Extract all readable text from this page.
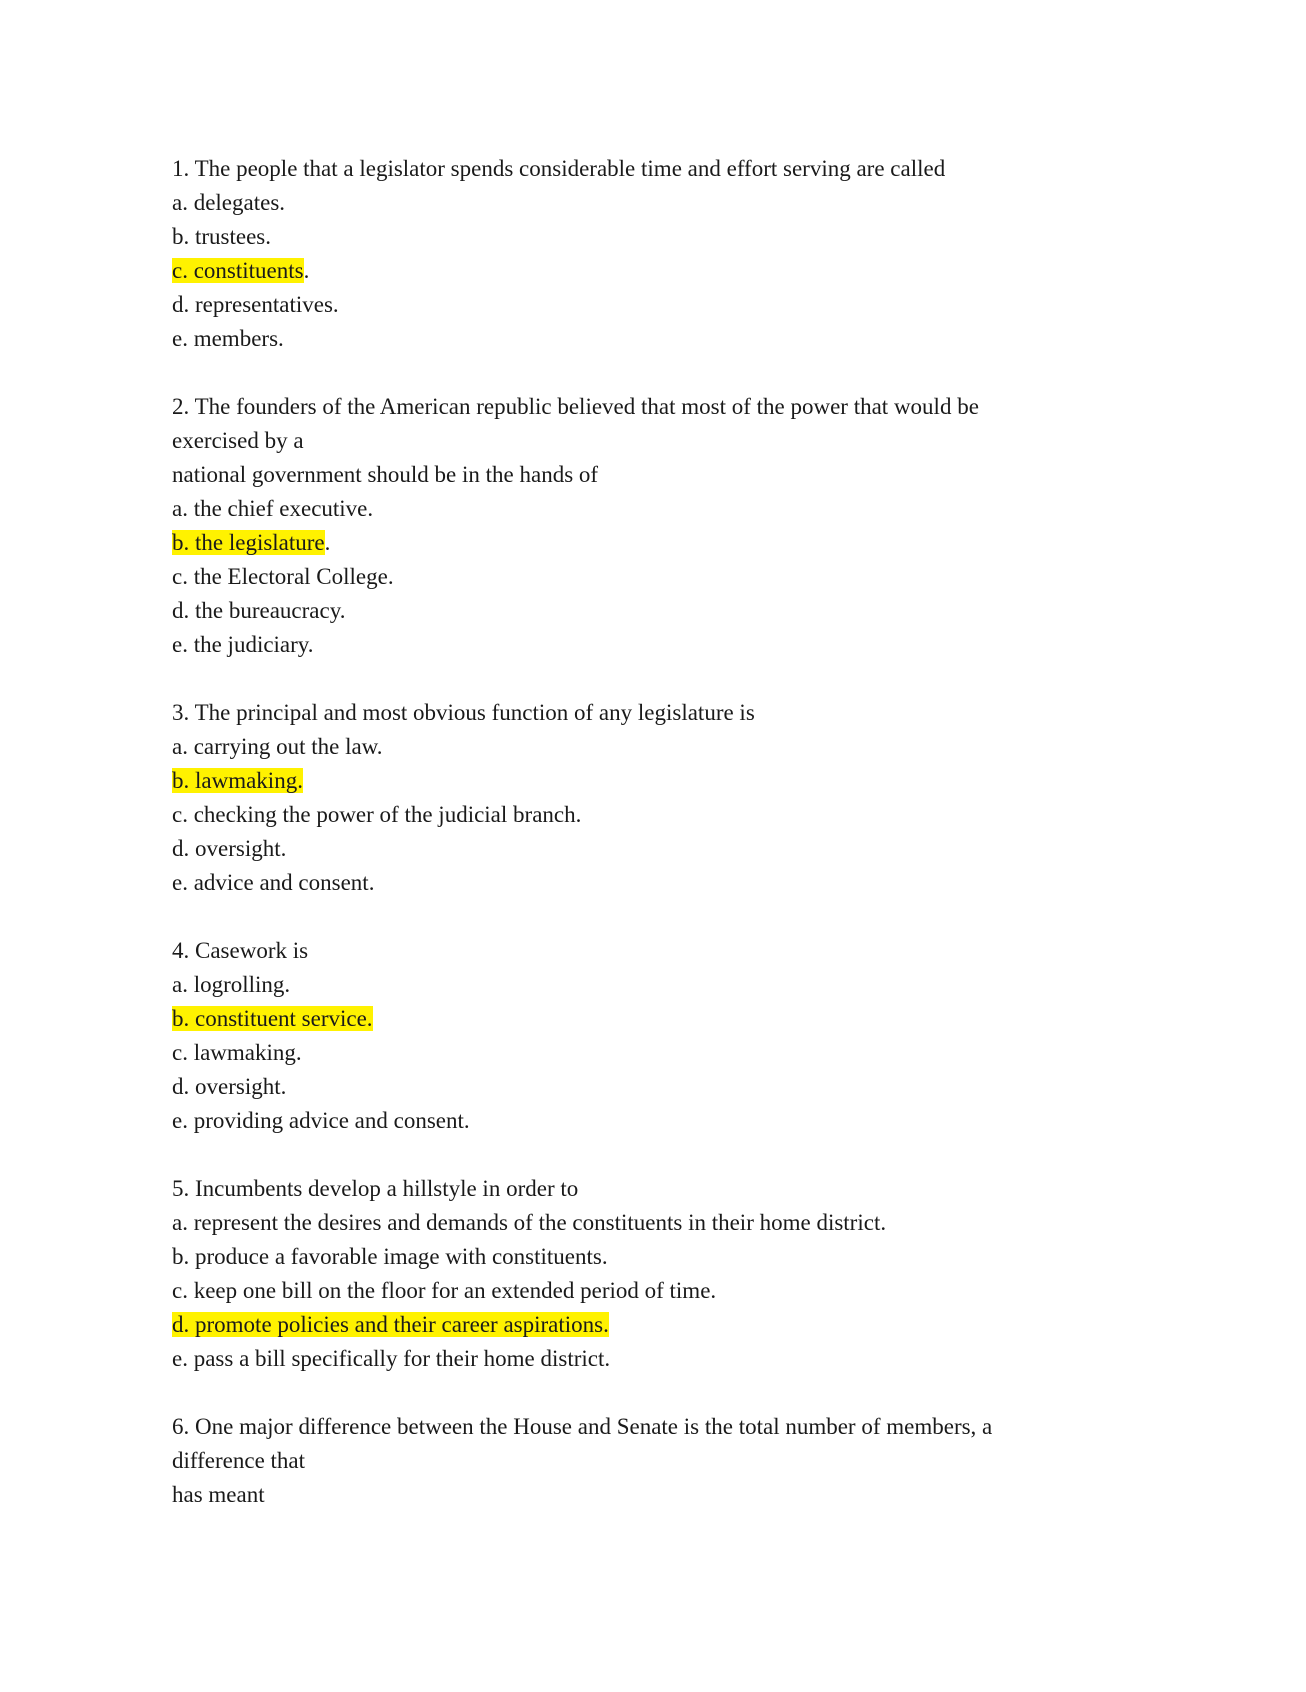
1. The people that a legislator spends considerable time and effort serving are called
a. delegates.
b. trustees.
c. constituents.
d. representatives.
e. members.
2. The founders of the American republic believed that most of the power that would be
exercised by a
national government should be in the hands of
a. the chief executive.
b. the legislature.
c. the Electoral College.
d. the bureaucracy.
e. the judiciary.
3. The principal and most obvious function of any legislature is
a. carrying out the law.
b. lawmaking.
c. checking the power of the judicial branch.
d. oversight.
e. advice and consent.
4. Casework is
a. logrolling.
b. constituent service.
c. lawmaking.
d. oversight.
e. providing advice and consent.
5. Incumbents develop a hillstyle in order to
a. represent the desires and demands of the constituents in their home district.
b. produce a favorable image with constituents.
c. keep one bill on the floor for an extended period of time.
d. promote policies and their career aspirations.
e. pass a bill specifically for their home district.
6. One major difference between the House and Senate is the total number of members, a
difference that
has meant
